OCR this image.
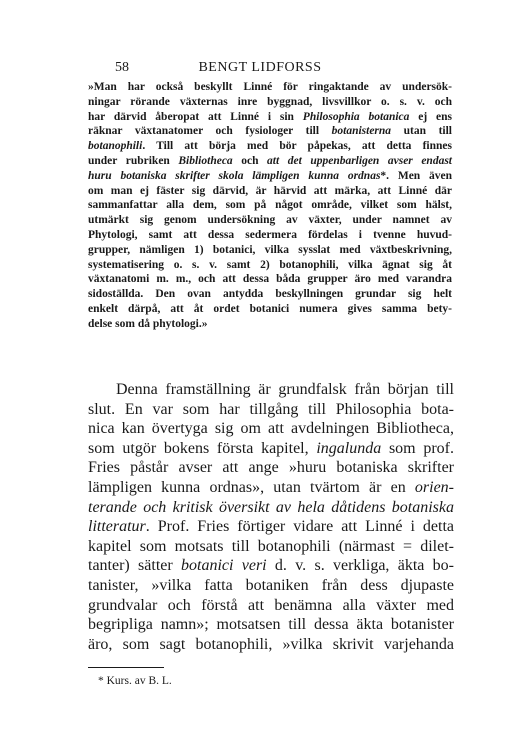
58	BENGT LIDFORSS
»Man har också beskyllt Linné för ringaktande av undersök-
ningar rörande växternas inre byggnad, livsvillkor o. s. v. och
har därvid åberopat att Linné i sin Philosophia botanica ej ens
räknar växtanatomer och fysiologer till botanisterna utan till
botanophili. Till att börja med bör påpekas, att detta finnes
under rubriken Bibliotheca och att det uppenbarligen avser endast
huru botaniska skrifter skola lämpligen kunna ordnas*. Men även
om man ej fäster sig därvid, är härvid att märka, att Linné där
sammanfattar alla dem, som på något område, vilket som hälst,
utmärkt sig genom undersökning av växter, under namnet av
Phytologi, samt att dessa sedermera fördelas i tvenne huvud-
grupper, nämligen 1) botanici, vilka sysslat med växtbeskrivning,
systematisering o. s. v. samt 2) botanophili, vilka ägnat sig åt
växtanatomi m. m., och att dessa båda grupper äro med varandra
sidoställda. Den ovan antydda beskyllningen grundar sig helt
enkelt därpå, att åt ordet botanici numera gives samma bety-
delse som då phytologi.»
Denna framställning är grundfalsk från början till
slut. En var som har tillgång till Philosophia bota-
nica kan övertyga sig om att avdelningen Bibliotheca,
som utgör bokens första kapitel, ingalunda som prof.
Fries påstår avser att ange »huru botaniska skrifter
lämpligen kunna ordnas», utan tvärtom är en orien-
terande och kritisk översikt av hela dåtidens botaniska
litteratur. Prof. Fries förtiger vidare att Linné i detta
kapitel som motsats till botanophili (närmast = dilet-
tanter) sätter botanici veri d. v. s. verkliga, äkta bo-
tanister, »vilka fatta botaniken från dess djupaste
grundvalar och förstå att benämna alla växter med
begripliga namn»; motsatsen till dessa äkta botanister
äro, som sagt botanophili, »vilka skrivit varjehanda
* Kurs. av B. L.
